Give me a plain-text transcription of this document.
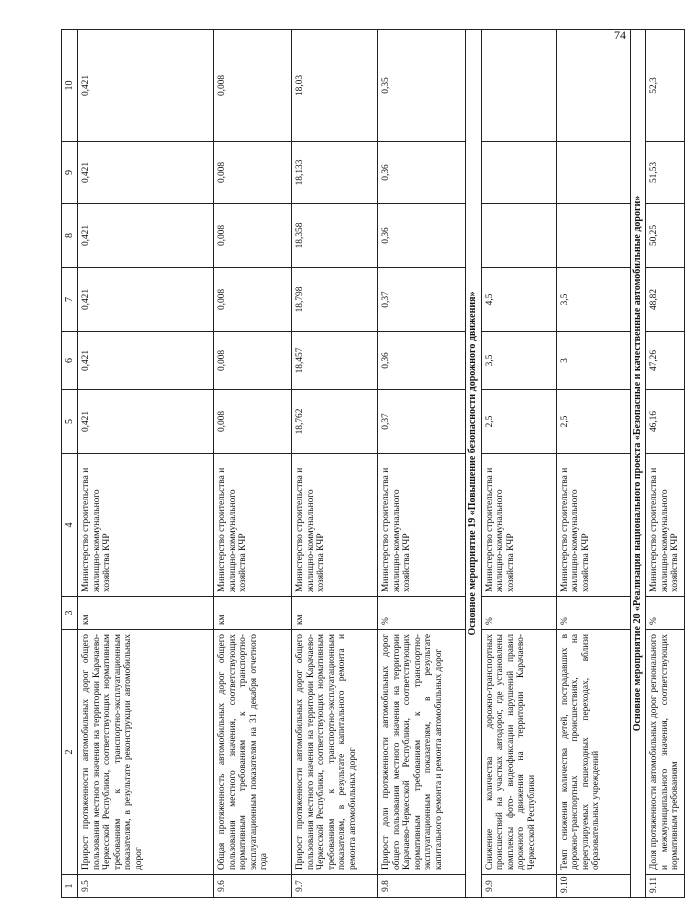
74
1	2	3	4	5	6	7	8	9	10
9.5	Прирост протяженности автомобильных дорог общего пользования местного значения на территории Карачаево-Черкесской Республики, соответствующих нормативным требованиям к транспортно-эксплуатационным показателям, в результате реконструкции автомобильных дорог	км	Министерство строительства и жилищно-коммунального хозяйства КЧР	0,421	0,421	0,421	0,421	0,421	0,421
9.6	Общая протяженность автомобильных дорог общего пользования местного значения, соответствующих нормативным требованиям к транспортно-эксплуатационным показателям на 31 декабря отчетного года	км	Министерство строительства и жилищно-коммунального хозяйства КЧР	0,008	0,008	0,008	0,008	0,008	0,008
9.7	Прирост протяженности автомобильных дорог общего пользования местного значения на территории Карачаево-Черкесской Республики, соответствующих нормативным требованиям к транспортно-эксплуатационным показателям, в результате капитального ремонта и ремонта автомобильных дорог	км	Министерство строительства и жилищно-коммунального хозяйства КЧР	18,762	18,457	18,798	18,358	18,133	18,03
9.8	Прирост доли протяженности автомобильных дорог общего пользования местного значения на территории Карачаево-Черкесской Республики, соответствующих нормативным требованиям к транспортно-эксплуатационным показателям, в результате капитального ремонта и ремонта автомобильных дорог	%	Министерство строительства и жилищно-коммунального хозяйства КЧР	0,37	0,36	0,37	0,36	0,36	0,35
Основное мероприятие 19 «Повышение безопасности дорожного движения»									
9.9	Снижение количества дорожно-транспортных происшествий на участках автодорог, где установлены комплексы фото- видеофиксации нарушений правил дорожного движения на территории Карачаево-Черкесской Республики	%	Министерство строительства и жилищно-коммунального хозяйства КЧР	2,5	3,5	4,5			
9.10	Темп снижения количества детей, пострадавших в дорожно-транспортных происшествиях, на нерегулируемых пешеходных переходах, вблизи образовательных учреждений	%	Министерство строительства и жилищно-коммунального хозяйства КЧР	2,5	3	3,5			
Основное мероприятие 20 «Реализация национального проекта «Безопасные и качественные автомобильные дороги»									
9.11	Доля протяженности автомобильных дорог регионального и межмуниципального значения, соответствующих нормативным требованиям	%	Министерство строительства и жилищно-коммунального хозяйства КЧР	46,16	47,26	48,82	50,25	51,53	52,3
